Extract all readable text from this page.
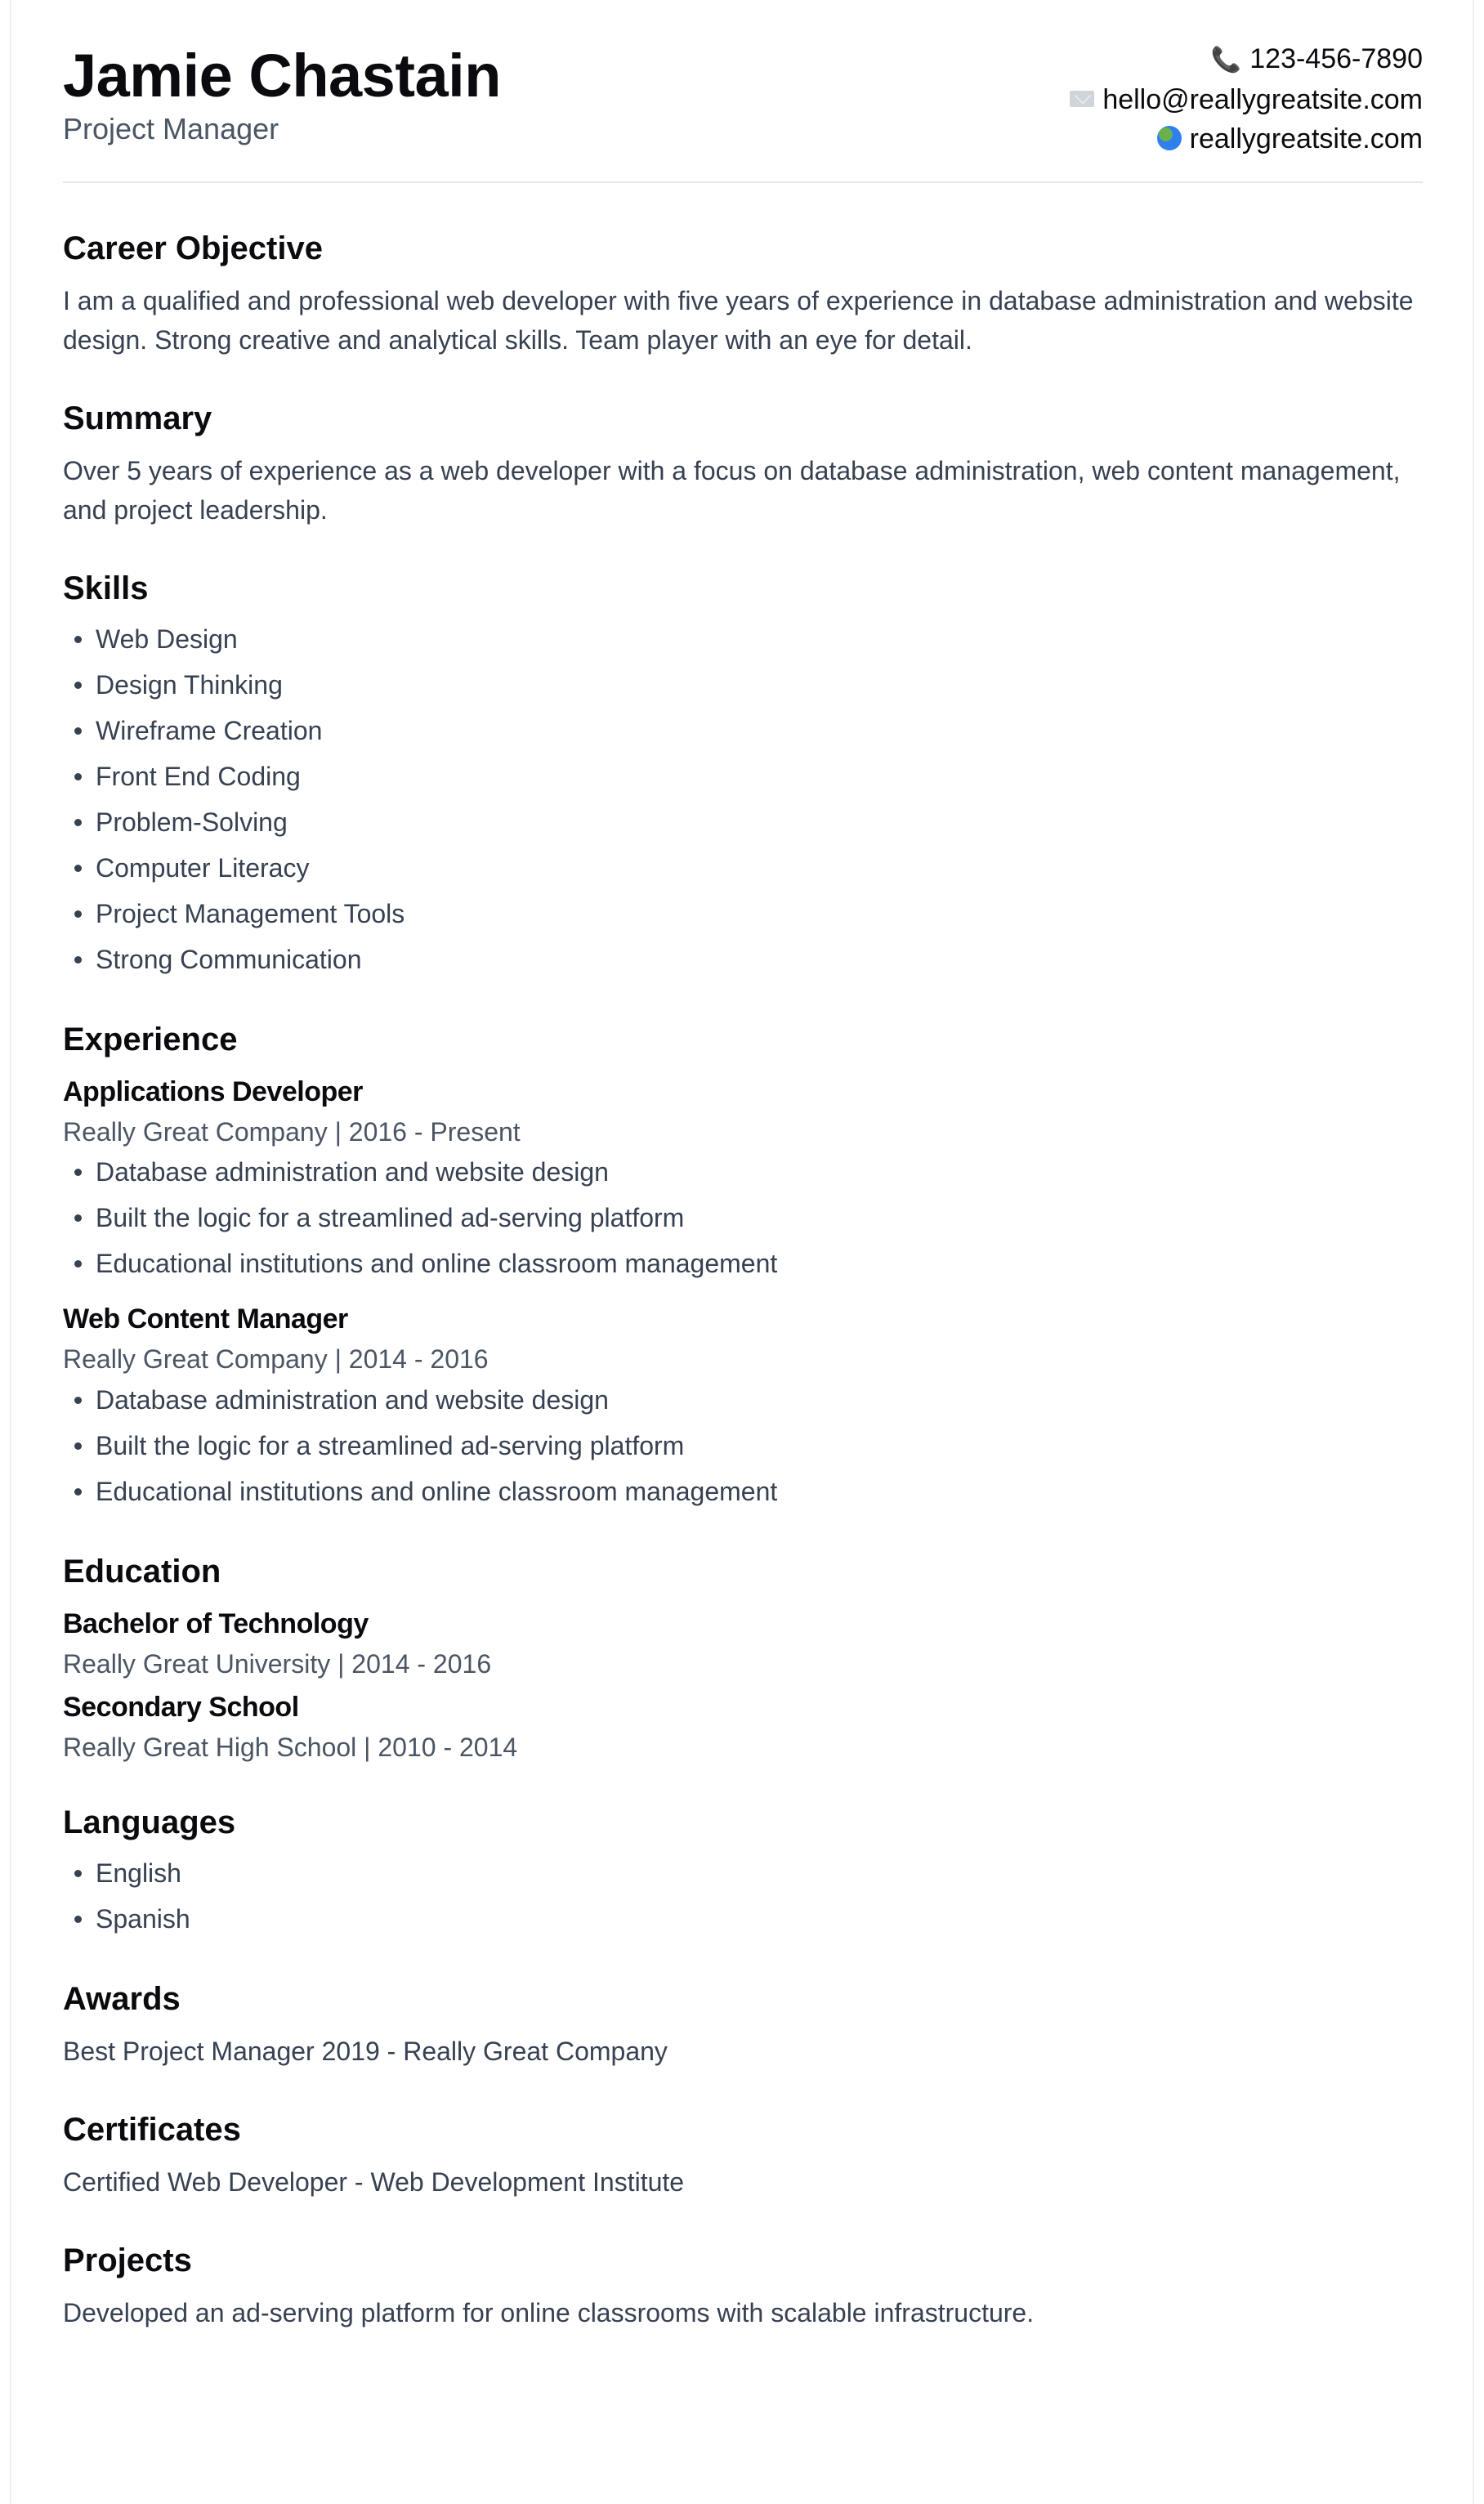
Jamie Chastain
Project Manager
📞 123-456-7890
hello@reallygreatsite.com
reallygreatsite.com
Career Objective

I am a qualified and professional web developer with five years of experience in database administration and website design. Strong creative and analytical skills. Team player with an eye for detail.

Summary

Over 5 years of experience as a web developer with a focus on database administration, web content management, and project leadership.

Skills
Web Design
Design Thinking
Wireframe Creation
Front End Coding
Problem-Solving
Computer Literacy
Project Management Tools
Strong Communication
Experience
Applications Developer

Really Great Company | 2016 - Present

Database administration and website design
Built the logic for a streamlined ad-serving platform
Educational institutions and online classroom management
Web Content Manager

Really Great Company | 2014 - 2016

Database administration and website design
Built the logic for a streamlined ad-serving platform
Educational institutions and online classroom management
Education
Bachelor of Technology

Really Great University | 2014 - 2016

Secondary School

Really Great High School | 2010 - 2014

Languages
English
Spanish
Awards

Best Project Manager 2019 - Really Great Company

Certificates

Certified Web Developer - Web Development Institute

Projects

Developed an ad-serving platform for online classrooms with scalable infrastructure.
